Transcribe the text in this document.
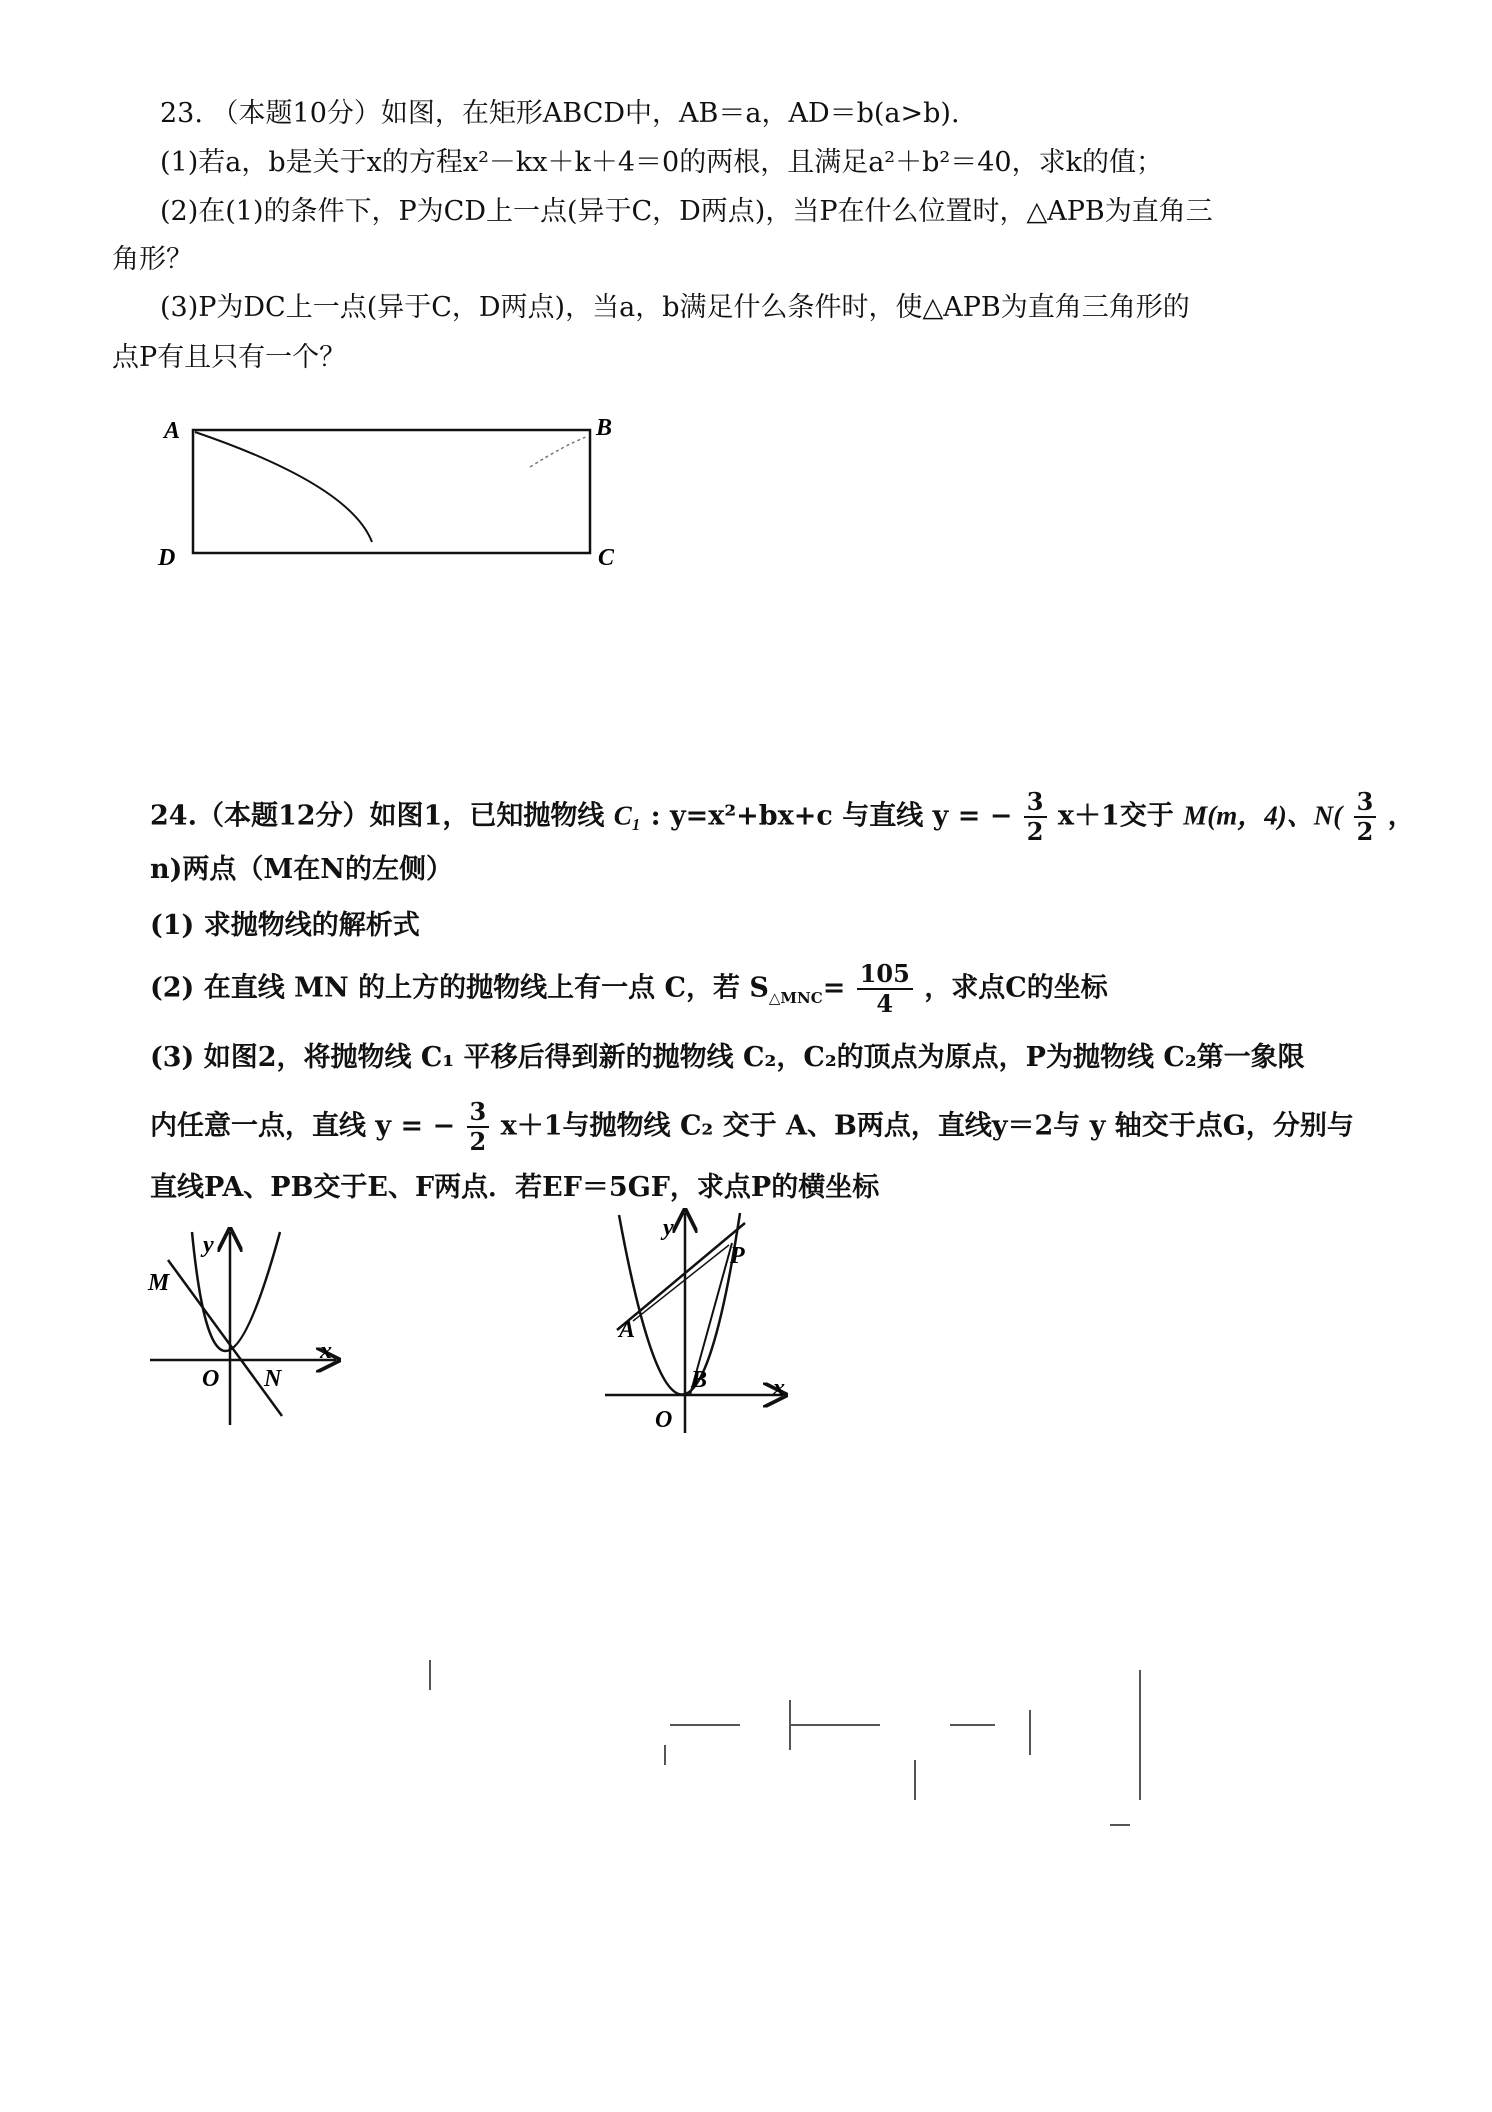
23. （本题10分）如图，在矩形ABCD中，AB＝a，AD＝b(a>b).
(1)若a，b是关于x的方程x²－kx＋k＋4＝0的两根，且满足a²＋b²＝40，求k的值；
(2)在(1)的条件下，P为CD上一点(异于C，D两点)，当P在什么位置时，△APB为直角三
角形？
(3)P为DC上一点(异于C，D两点)，当a，b满足什么条件时，使△APB为直角三角形的
点P有且只有一个？
A	B
D	C
24.（本题12分）如图1，已知抛物线 C₁ : y=x²+bx+c 与直线 y = − $\frac{3}{2} x+1$交于 M(m，4)、$N( \frac{3}{2}$ ，
n)两点（M在N的左侧）
(1) 求抛物线的解析式
(2) 在直线 MN 的上方的抛物线上有一点 C，若 $S_{\triangle MNC}= \frac{105}{4}$ ，求点C的坐标
(3) 如图2，将抛物线 C₁ 平移后得到新的抛物线 C₂，C₂的顶点为原点，P为抛物线 C₂第一象限
内任意一点，直线 y = − $\frac{3}{2} x+1$与抛物线 C₂ 交于 A、B两点，直线y＝2与 y 轴交于点G，分别与
直线PA、PB交于E、F两点．若EF＝5GF，求点P的横坐标
y
x
M
O N
y
x
P
A
B
O
